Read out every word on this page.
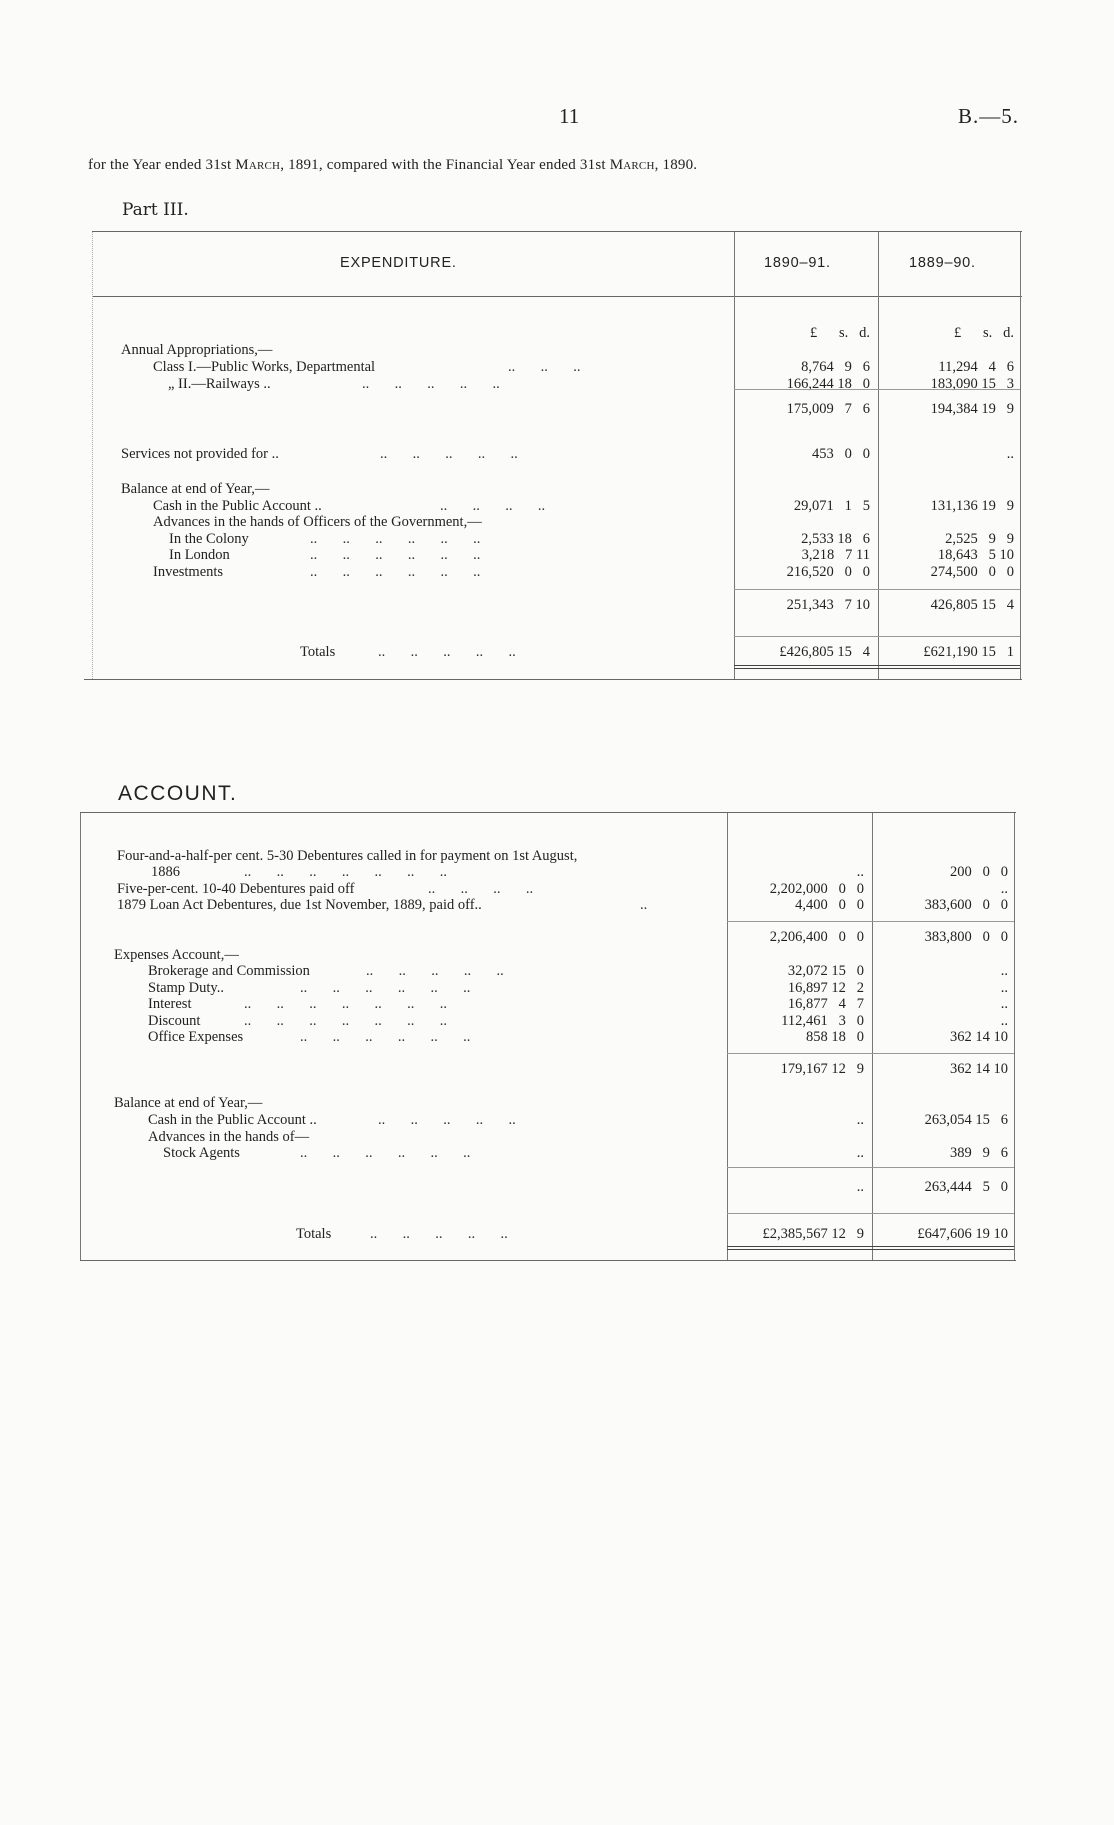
11	B.—5.
for the Year ended 31st March, 1891, compared with the Financial Year ended 31st March, 1890.
Part III.
EXPENDITURE.	1890–91.	1889–90.
£      s.   d.	£      s.   d.
Annual Appropriations,—
Class I.—Public Works, Departmental	..       ..       ..	8,764   9   6	11,294   4   6
„ II.—Railways ..	..       ..       ..       ..       ..	166,244 18   0	183,090 15   3
175,009   7   6	194,384 19   9
Services not provided for ..	..       ..       ..       ..       ..	453   0   0	..
Balance at end of Year,—
Cash in the Public Account ..	..       ..       ..       ..	29,071   1   5	131,136 19   9
Advances in the hands of Officers of the Government,—
In the Colony	..       ..       ..       ..       ..       ..	2,533 18   6	2,525   9   9
In London	..       ..       ..       ..       ..       ..	3,218   7 11	18,643   5 10
Investments	..       ..       ..       ..       ..       ..	216,520   0   0	274,500   0   0
251,343   7 10	426,805 15   4
Totals	..       ..       ..       ..       ..	£426,805 15   4	£621,190 15   1
ACCOUNT.
Four-and-a-half-per cent. 5-30 Debentures called in for payment on 1st August,
1886	..       ..       ..       ..       ..       ..       ..	..	200   0   0
Five-per-cent. 10-40 Debentures paid off	..       ..       ..       ..	2,202,000   0   0	..
1879 Loan Act Debentures, due 1st November, 1889, paid off..	..	4,400   0   0	383,600   0   0
2,206,400   0   0	383,800   0   0
Expenses Account,—
Brokerage and Commission	..       ..       ..       ..       ..	32,072 15   0	..
Stamp Duty..	..       ..       ..       ..       ..       ..	16,897 12   2	..
Interest	..       ..       ..       ..       ..       ..       ..	16,877   4   7	..
Discount	..       ..       ..       ..       ..       ..       ..	112,461   3   0	..
Office Expenses	..       ..       ..       ..       ..       ..	858 18   0	362 14 10
179,167 12   9	362 14 10
Balance at end of Year,—
Cash in the Public Account ..	..       ..       ..       ..       ..	..	263,054 15   6
Advances in the hands of—
Stock Agents	..       ..       ..       ..       ..       ..	..	389   9   6
..	263,444   5   0
Totals	..       ..       ..       ..       ..	£2,385,567 12   9	£647,606 19 10
